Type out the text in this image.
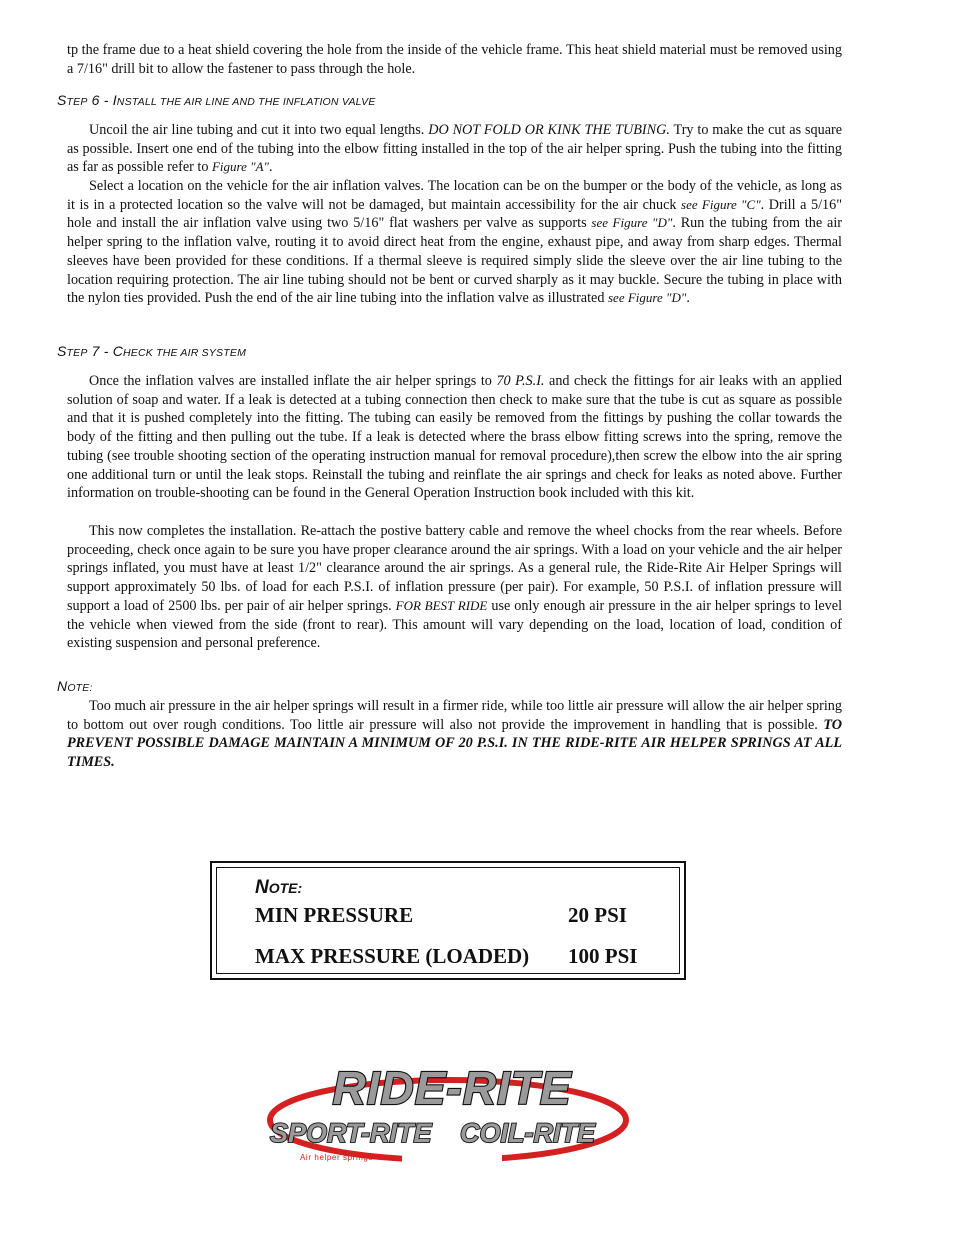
tp the frame due to a heat shield covering the hole from the inside of the vehicle frame. This heat shield material must be removed using a 7/16" drill bit to allow the fastener to pass through the hole.

STEP 6 - INSTALL THE AIR LINE AND THE INFLATION VALVE

Uncoil the air line tubing and cut it into two equal lengths. DO NOT FOLD OR KINK THE TUBING. Try to make the cut as square as possible. Insert one end of the tubing into the elbow fitting installed in the top of the air helper spring. Push the tubing into the fitting as far as possible refer to Figure "A".

Select a location on the vehicle for the air inflation valves. The location can be on the bumper or the body of the vehicle, as long as it is in a protected location so the valve will not be damaged, but maintain accessibility for the air chuck see Figure "C". Drill a 5/16" hole and install the air inflation valve using two 5/16" flat washers per valve as supports see Figure "D". Run the tubing from the air helper spring to the inflation valve, routing it to avoid direct heat from the engine, exhaust pipe, and away from sharp edges. Thermal sleeves have been provided for these conditions. If a thermal sleeve is required simply slide the sleeve over the air line tubing to the location requiring protection. The air line tubing should not be bent or curved sharply as it may buckle. Secure the tubing in place with the nylon ties provided. Push the end of the air line tubing into the inflation valve as illustrated see Figure "D".

STEP 7 - CHECK THE AIR SYSTEM

Once the inflation valves are installed inflate the air helper springs to 70 P.S.I. and check the fittings for air leaks with an applied solution of soap and water. If a leak is detected at a tubing connection then check to make sure that the tube is cut as square as possible and that it is pushed completely into the fitting. The tubing can easily be removed from the fittings by pushing the collar towards the body of the fitting and then pulling out the tube. If a leak is detected where the brass elbow fitting screws into the spring, remove the tubing (see trouble shooting section of the operating instruction manual for removal procedure),then screw the elbow into the air spring one additional turn or until the leak stops. Reinstall the tubing and reinflate the air springs and check for leaks as noted above. Further information on trouble-shooting can be found in the General Operation Instruction book included with this kit.

This now completes the installation. Re-attach the postive battery cable and remove the wheel chocks from the rear wheels. Before proceeding, check once again to be sure you have proper clearance around the air springs. With a load on your vehicle and the air helper springs inflated, you must have at least 1/2" clearance around the air springs. As a general rule, the Ride-Rite Air Helper Springs will support approximately 50 lbs. of load for each P.S.I. of inflation pressure (per pair). For example, 50 P.S.I. of inflation pressure will support a load of 2500 lbs. per pair of air helper springs. FOR BEST RIDE use only enough air pressure in the air helper springs to level the vehicle when viewed from the side (front to rear). This amount will vary depending on the load, location of load, condition of existing suspension and personal preference.

NOTE:

Too much air pressure in the air helper springs will result in a firmer ride, while too little air pressure will allow the air helper spring to bottom out over rough conditions. Too little air pressure will also not provide the improvement in handling that is possible. TO PREVENT POSSIBLE DAMAGE MAINTAIN A MINIMUM OF 20 P.S.I. IN THE RIDE-RITE AIR HELPER SPRINGS AT ALL TIMES.

NOTE:
MIN PRESSURE	20 PSI
MAX PRESSURE (LOADED) 100 PSI
RIDE-RITE
SPORT-RITE COIL-RITE
Air helper springs
